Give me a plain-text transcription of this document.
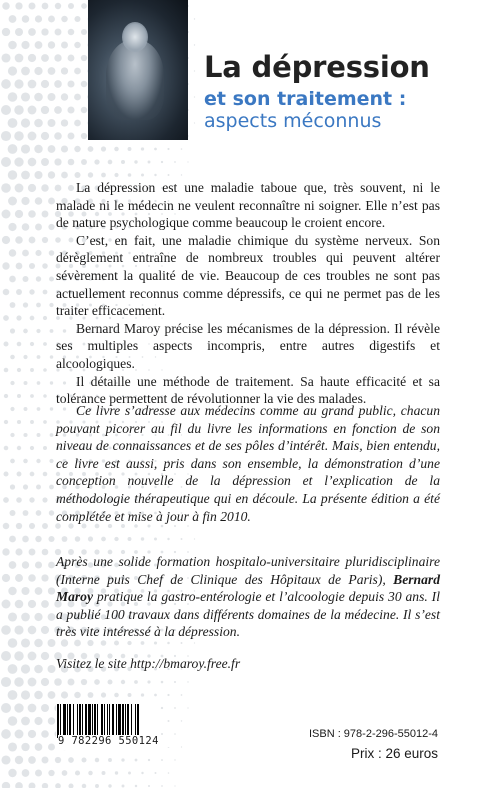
La dépression
et son traitement :
aspects méconnus

La dépression est une maladie taboue que, très souvent, ni le malade ni le médecin ne veulent reconnaître ni soigner. Elle n’est pas de nature psychologique comme beaucoup le croient encore.

C’est, en fait, une maladie chimique du système nerveux. Son dérèglement entraîne de nombreux troubles qui peuvent altérer sévèrement la qualité de vie. Beaucoup de ces troubles ne sont pas actuellement reconnus comme dépressifs, ce qui ne permet pas de les traiter efficacement.

Bernard Maroy précise les mécanismes de la dépression. Il révèle ses multiples aspects incompris, entre autres digestifs et alcoologiques.

Il détaille une méthode de traitement. Sa haute efficacité et sa tolérance permettent de révolutionner la vie des malades.

Ce livre s’adresse aux médecins comme au grand public, chacun pouvant picorer au fil du livre les informations en fonction de son niveau de connaissances et de ses pôles d’intérêt. Mais, bien entendu, ce livre est aussi, pris dans son ensemble, la démonstration d’une conception nouvelle de la dépression et l’explication de la méthodologie thérapeutique qui en découle. La présente édition a été complétée et mise à jour à fin 2010.

Après une solide formation hospitalo-universitaire pluridisciplinaire (Interne puis Chef de Clinique des Hôpitaux de Paris), Bernard Maroy pratique la gastro-entérologie et l’alcoologie depuis 30 ans. Il a publié 100 travaux dans différents domaines de la médecine. Il s’est très vite intéressé à la dépression.

Visitez le site http://bmaroy.free.fr
9 782296 550124
ISBN : 978-2-296-55012-4
Prix : 26 euros
